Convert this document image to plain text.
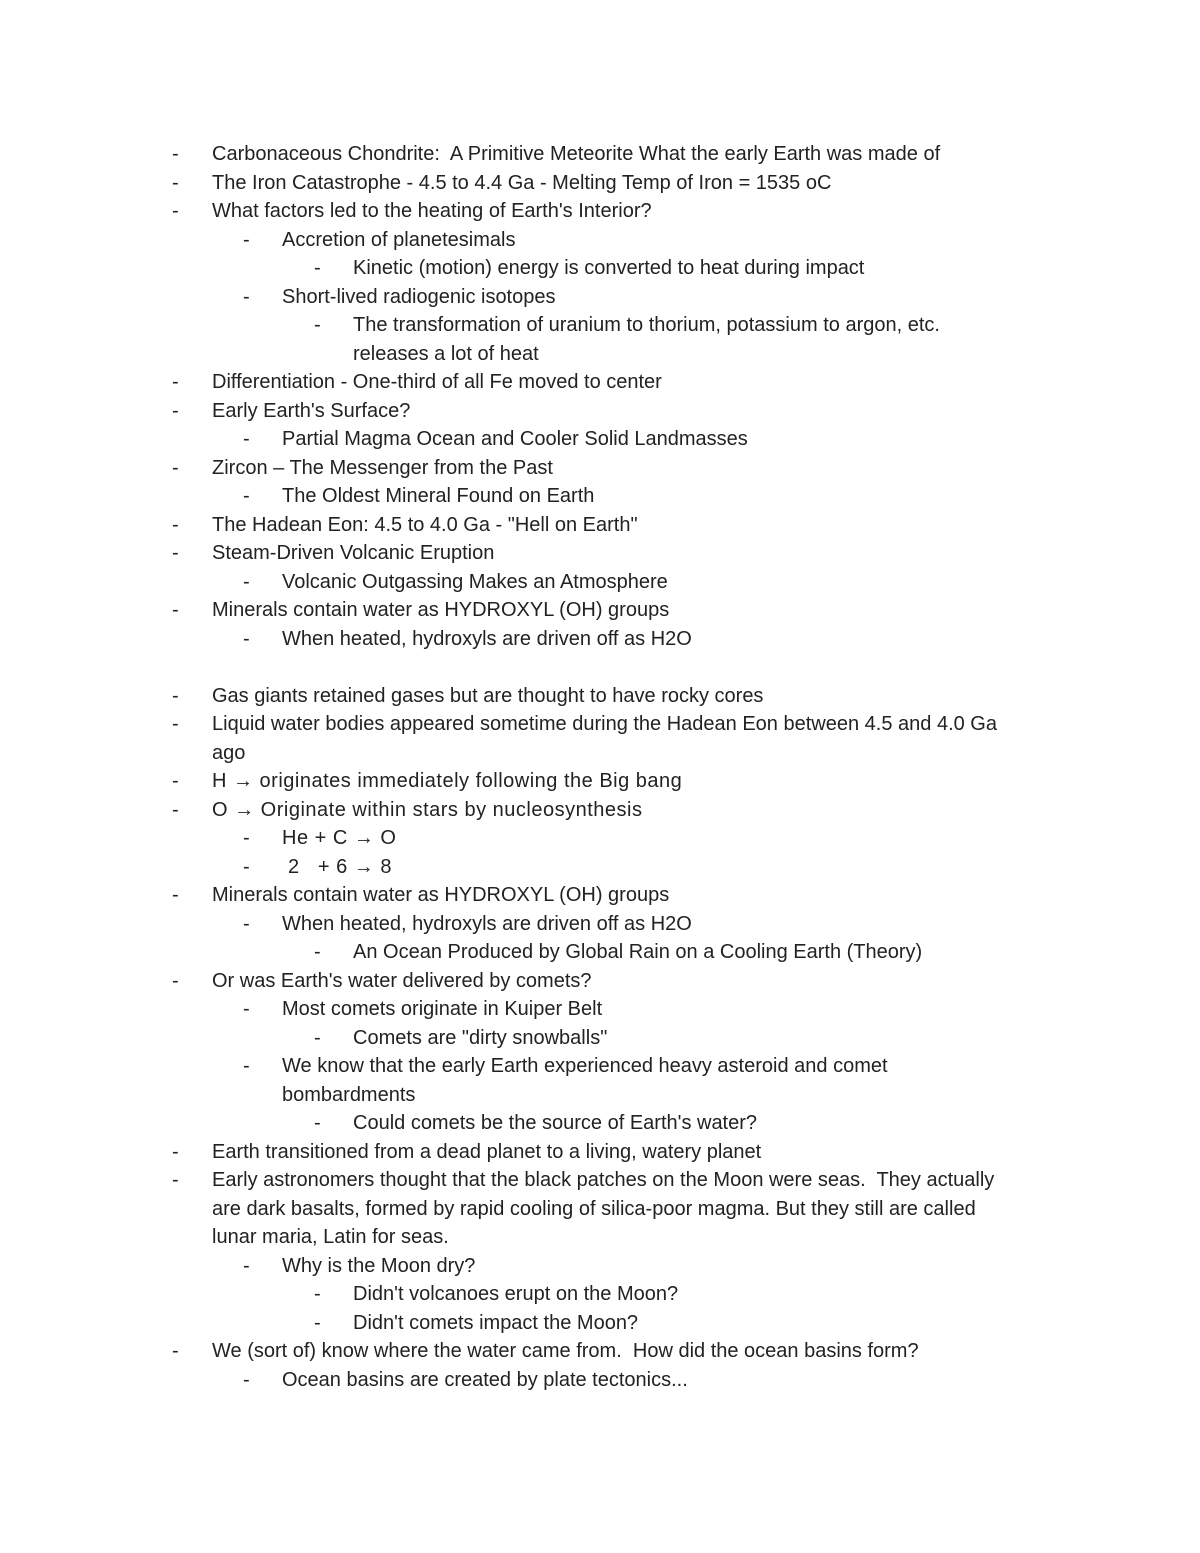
-	Carbonaceous Chondrite:  A Primitive Meteorite What the early Earth was made of
-	The Iron Catastrophe - 4.5 to 4.4 Ga - Melting Temp of Iron = 1535 oC
-	What factors led to the heating of Earth's Interior?
-	Accretion of planetesimals
-	Kinetic (motion) energy is converted to heat during impact
-	Short-lived radiogenic isotopes
-	The transformation of uranium to thorium, potassium to argon, etc.
releases a lot of heat
-	Differentiation - One-third of all Fe moved to center
-	Early Earth's Surface?
-	Partial Magma Ocean and Cooler Solid Landmasses
-	Zircon – The Messenger from the Past
-	The Oldest Mineral Found on Earth
-	The Hadean Eon: 4.5 to 4.0 Ga - "Hell on Earth"
-	Steam-Driven Volcanic Eruption
-	Volcanic Outgassing Makes an Atmosphere
-	Minerals contain water as HYDROXYL (OH) groups
-	When heated, hydroxyls are driven off as H2O
-	Gas giants retained gases but are thought to have rocky cores
-	Liquid water bodies appeared sometime during the Hadean Eon between 4.5 and 4.0 Ga
ago
-	H → originates immediately following the Big bang
-	O → Originate within stars by nucleosynthesis
-	He + C → O
-	2   + 6 → 8
-	Minerals contain water as HYDROXYL (OH) groups
-	When heated, hydroxyls are driven off as H2O
-	An Ocean Produced by Global Rain on a Cooling Earth (Theory)
-	Or was Earth's water delivered by comets?
-	Most comets originate in Kuiper Belt
-	Comets are "dirty snowballs"
-	We know that the early Earth experienced heavy asteroid and comet
bombardments
-	Could comets be the source of Earth's water?
-	Earth transitioned from a dead planet to a living, watery planet
-	Early astronomers thought that the black patches on the Moon were seas.  They actually
are dark basalts, formed by rapid cooling of silica-poor magma. But they still are called
lunar maria, Latin for seas.
-	Why is the Moon dry?
-	Didn't volcanoes erupt on the Moon?
-	Didn't comets impact the Moon?
-	We (sort of) know where the water came from.  How did the ocean basins form?
-	Ocean basins are created by plate tectonics...
